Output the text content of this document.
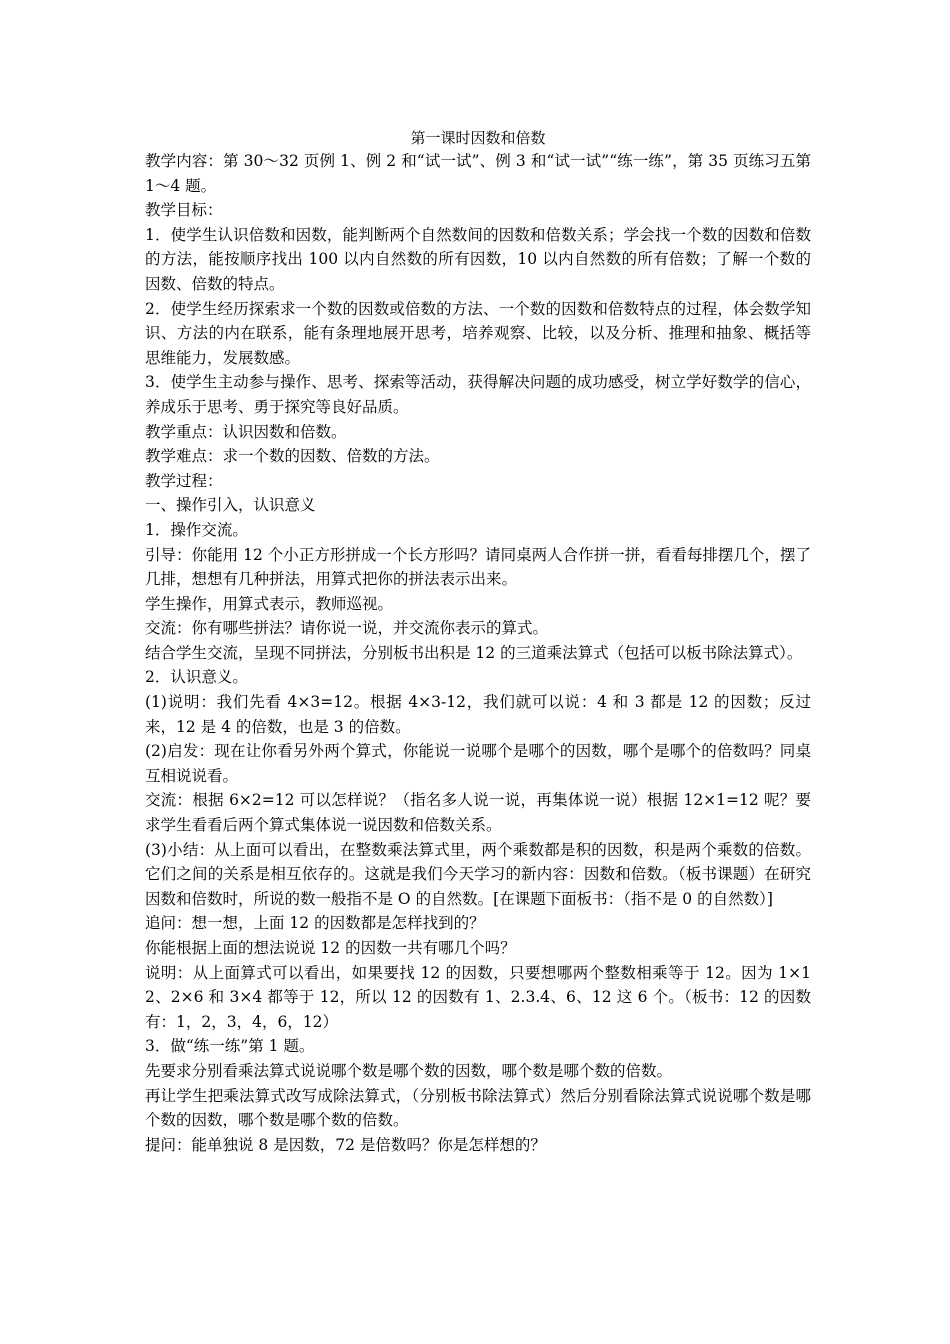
第一课时因数和倍数

教学内容：第 30～32 页例 1、例 2 和“试一试”、例 3 和“试一试”“练一练”，第 35 页练习五第 1～4 题。

教学目标：

1．使学生认识倍数和因数，能判断两个自然数间的因数和倍数关系；学会找一个数的因数和倍数的方法，能按顺序找出 100 以内自然数的所有因数，10 以内自然数的所有倍数；了解一个数的因数、倍数的特点。

2．使学生经历探索求一个数的因数或倍数的方法、一个数的因数和倍数特点的过程，体会数学知识、方法的内在联系，能有条理地展开思考，培养观察、比较，以及分析、推理和抽象、概括等思维能力，发展数感。

3．使学生主动参与操作、思考、探索等活动，获得解决问题的成功感受，树立学好数学的信心，养成乐于思考、勇于探究等良好品质。

教学重点：认识因数和倍数。

教学难点：求一个数的因数、倍数的方法。

教学过程：

一、操作引入，认识意义

1．操作交流。

引导：你能用 12 个小正方形拼成一个长方形吗？请同桌两人合作拼一拼，看看每排摆几个，摆了几排，想想有几种拼法，用算式把你的拼法表示出来。

学生操作，用算式表示，教师巡视。

交流：你有哪些拼法？请你说一说，并交流你表示的算式。

结合学生交流，呈现不同拼法，分别板书出积是 12 的三道乘法算式（包括可以板书除法算式）。

2．认识意义。

(1)说明：我们先看 4×3=12。根据 4×3-12，我们就可以说：4 和 3 都是 12 的因数；反过来，12 是 4 的倍数，也是 3 的倍数。

(2)启发：现在让你看另外两个算式，你能说一说哪个是哪个的因数，哪个是哪个的倍数吗？同桌互相说说看。

交流：根据 6×2=12 可以怎样说？（指名多人说一说，再集体说一说）根据 12×1=12 呢？要求学生看看后两个算式集体说一说因数和倍数关系。

(3)小结：从上面可以看出，在整数乘法算式里，两个乘数都是积的因数，积是两个乘数的倍数。它们之间的关系是相互依存的。这就是我们今天学习的新内容：因数和倍数。（板书课题）在研究因数和倍数时，所说的数一般指不是 O 的自然数。[在课题下面板书：（指不是 0 的自然数）]

追问：想一想，上面 12 的因数都是怎样找到的？

你能根据上面的想法说说 12 的因数一共有哪几个吗？

说明：从上面算式可以看出，如果要找 12 的因数，只要想哪两个整数相乘等于 12。因为 1×12、2×6 和 3×4 都等于 12，所以 12 的因数有 1、2.3.4、6、12 这 6 个。（板书：12 的因数有：1，2，3，4，6，12）

3．做“练一练”第 1 题。

先要求分别看乘法算式说说哪个数是哪个数的因数，哪个数是哪个数的倍数。

再让学生把乘法算式改写成除法算式，（分别板书除法算式）然后分别看除法算式说说哪个数是哪个数的因数，哪个数是哪个数的倍数。

提问：能单独说 8 是因数，72 是倍数吗？你是怎样想的？
